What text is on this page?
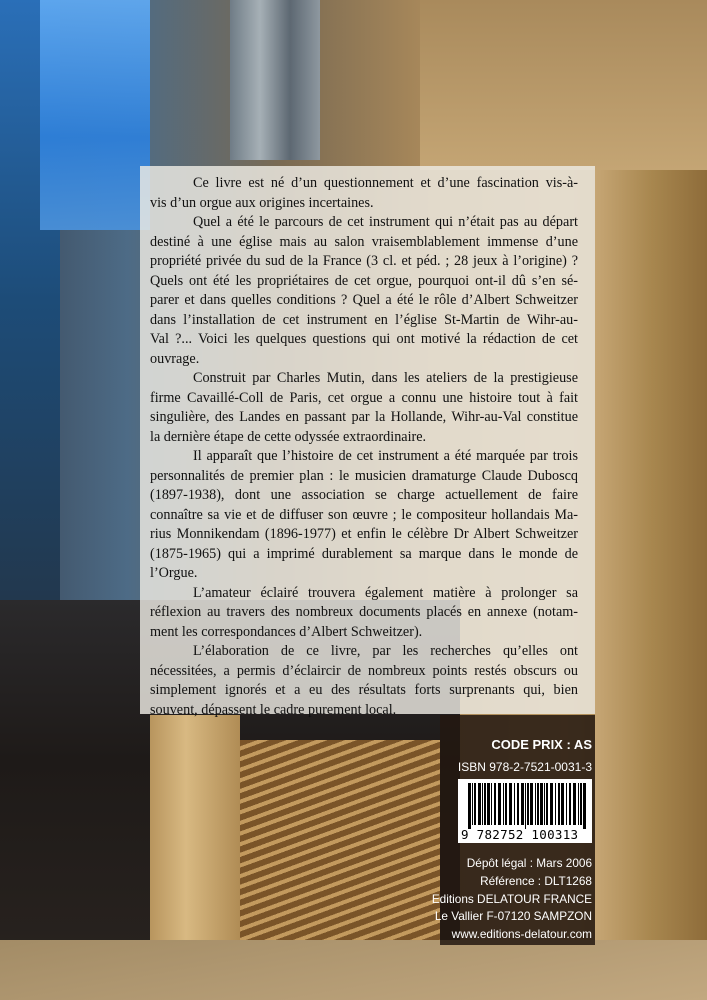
Ce livre est né d’un questionnement et d’une fascination vis-à-
vis d’un orgue aux origines incertaines.
Quel a été le parcours de cet instrument qui n’était pas au départ
destiné à une église mais au salon vraisemblablement immense d’une
propriété privée du sud de la France (3 cl. et péd. ; 28 jeux à l’origine) ?
Quels ont été les propriétaires de cet orgue, pourquoi ont-il dû s’en sé-
parer et dans quelles conditions ? Quel a été le rôle d’Albert Schweitzer
dans l’installation de cet instrument en l’église St-Martin de Wihr-au-
Val ?... Voici les quelques questions qui ont motivé la rédaction de cet
ouvrage.
Construit par Charles Mutin, dans les ateliers de la prestigieuse
firme Cavaillé-Coll de Paris, cet orgue a connu une histoire tout à fait
singulière, des Landes en passant par la Hollande, Wihr-au-Val constitue
la dernière étape de cette odyssée extraordinaire.
Il apparaît que l’histoire de cet instrument a été marquée par trois
personnalités de premier plan : le musicien dramaturge Claude Duboscq
(1897-1938), dont une association se charge actuellement de faire
connaître sa vie et de diffuser son œuvre ; le compositeur hollandais Ma-
rius Monnikendam (1896-1977) et enfin le célèbre Dr Albert Schweitzer
(1875-1965) qui a imprimé durablement sa marque dans le monde de
l’Orgue.
L’amateur éclairé trouvera également matière à prolonger sa
réflexion au travers des nombreux documents placés en annexe (notam-
ment les correspondances d’Albert Schweitzer).
L’élaboration de ce livre, par les recherches qu’elles ont
nécessitées, a permis d’éclaircir de nombreux points restés obscurs ou
simplement ignorés et a eu des résultats forts surprenants qui, bien
souvent, dépassent le cadre purement local.
CODE PRIX : AS
ISBN 978-2-7521-0031-3
9 782752 100313
Dépôt légal : Mars 2006
Référence : DLT1268
Editions DELATOUR FRANCE
Le Vallier F-07120 SAMPZON
www.editions-delatour.com
